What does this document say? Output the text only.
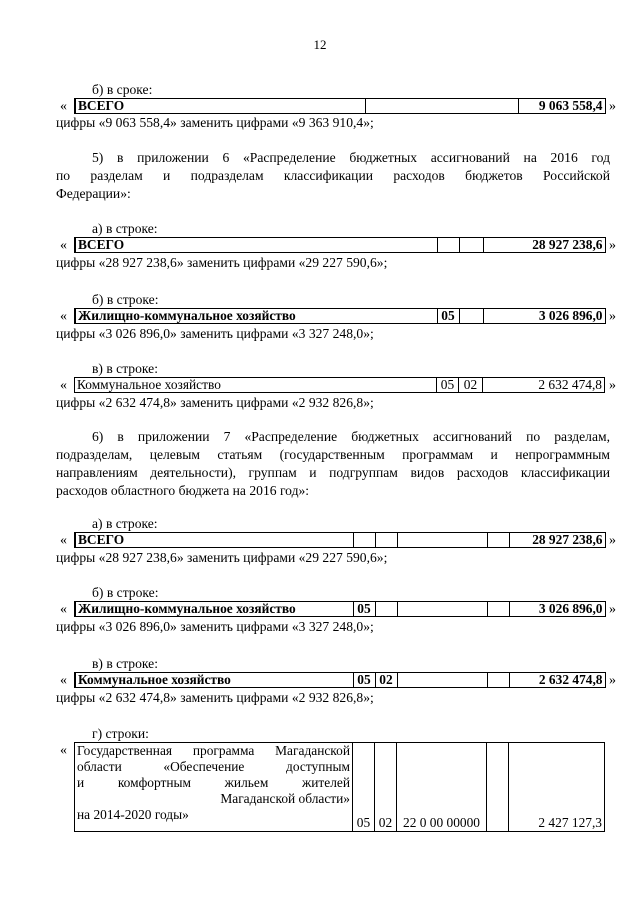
12
б) в сроке:
« ВСЕГО		9 063 558,4 »
цифры «9 063 558,4» заменить цифрами «9 363 910,4»;
5) в приложении 6 «Распределение бюджетных ассигнований на 2016 год
по разделам и подразделам классификации расходов бюджетов Российской
Федерации»:
а) в строке:
« ВСЕГО			28 927 238,6 »
цифры «28 927 238,6» заменить цифрами «29 227 590,6»;
б) в строке:
« Жилищно-коммунальное хозяйство	05		3 026 896,0 »
цифры «3 026 896,0» заменить цифрами «3 327 248,0»;
в) в строке:
« Коммунальное хозяйство	05	02	2 632 474,8 »
цифры «2 632 474,8» заменить цифрами «2 932 826,8»;
6) в приложении 7 «Распределение бюджетных ассигнований по разделам,
подразделам, целевым статьям (государственным программам и непрограммным
направлениям деятельности), группам и подгруппам видов расходов классификации
расходов областного бюджета на 2016 год»:
а) в строке:
« ВСЕГО					28 927 238,6 »
цифры «28 927 238,6» заменить цифрами «29 227 590,6»;
б) в строке:
« Жилищно-коммунальное хозяйство	05				3 026 896,0 »
цифры «3 026 896,0» заменить цифрами «3 327 248,0»;
в) в строке:
« Коммунальное хозяйство	05	02			2 632 474,8 »
цифры «2 632 474,8» заменить цифрами «2 932 826,8»;
г) строки:
« Государственная программа Магаданской
области «Обеспечение доступным
и комфортным жильем жителей
Магаданской области»
на 2014-2020 годы»
	05	02	22 0 00 00000		2 427 127,3
